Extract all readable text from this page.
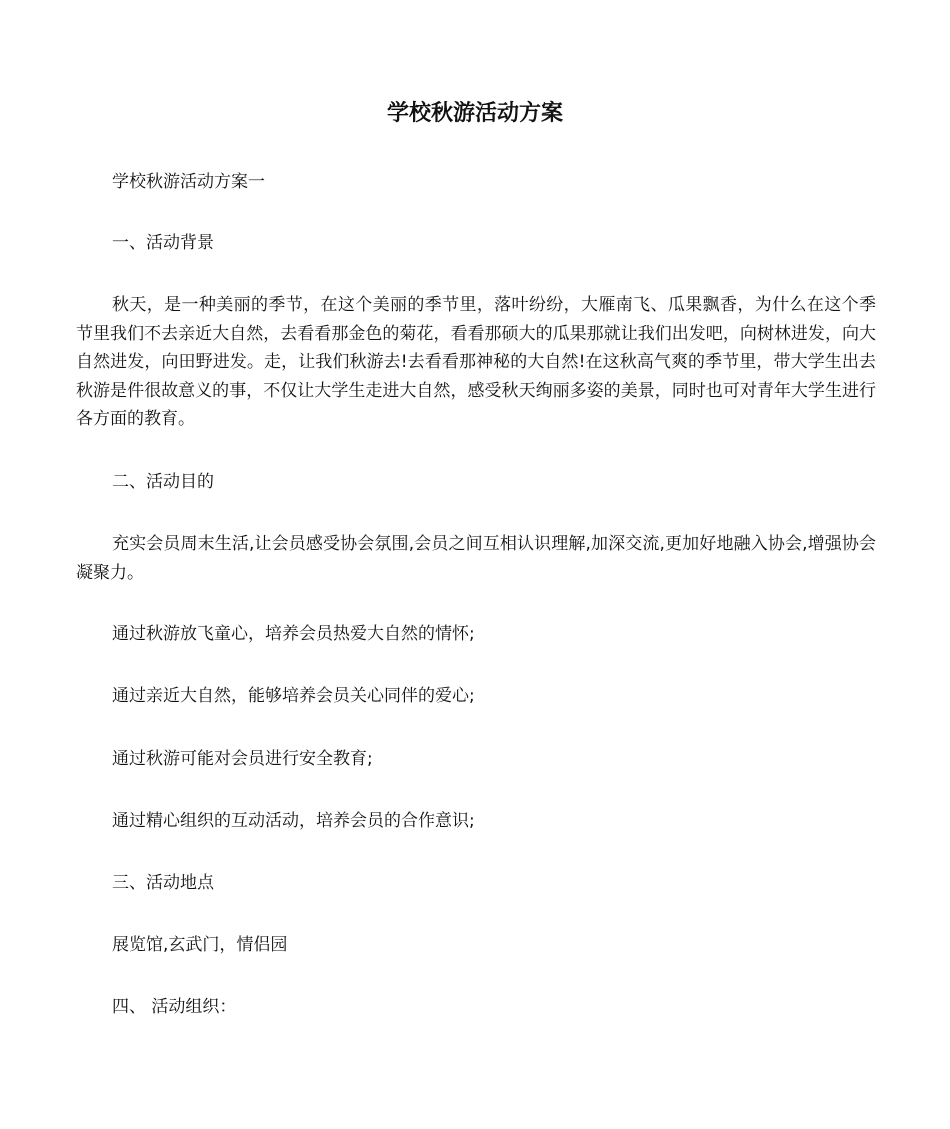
学校秋游活动方案
学校秋游活动方案一
一、活动背景
秋天，是一种美丽的季节，在这个美丽的季节里，落叶纷纷，大雁南飞、瓜果飘香，为什么在这个季节里我们不去亲近大自然，去看看那金色的菊花，看看那硕大的瓜果那就让我们出发吧，向树林进发，向大自然进发，向田野进发。走，让我们秋游去!去看看那神秘的大自然!在这秋高气爽的季节里，带大学生出去秋游是件很故意义的事，不仅让大学生走进大自然，感受秋天绚丽多姿的美景，同时也可对青年大学生进行各方面的教育。
二、活动目的
充实会员周末生活,让会员感受协会氛围,会员之间互相认识理解,加深交流,更加好地融入协会,增强协会凝聚力。
通过秋游放飞童心，培养会员热爱大自然的情怀;
通过亲近大自然，能够培养会员关心同伴的爱心;
通过秋游可能对会员进行安全教育;
通过精心组织的互动活动，培养会员的合作意识;
三、活动地点
展览馆,玄武门，情侣园
四、 活动组织：
